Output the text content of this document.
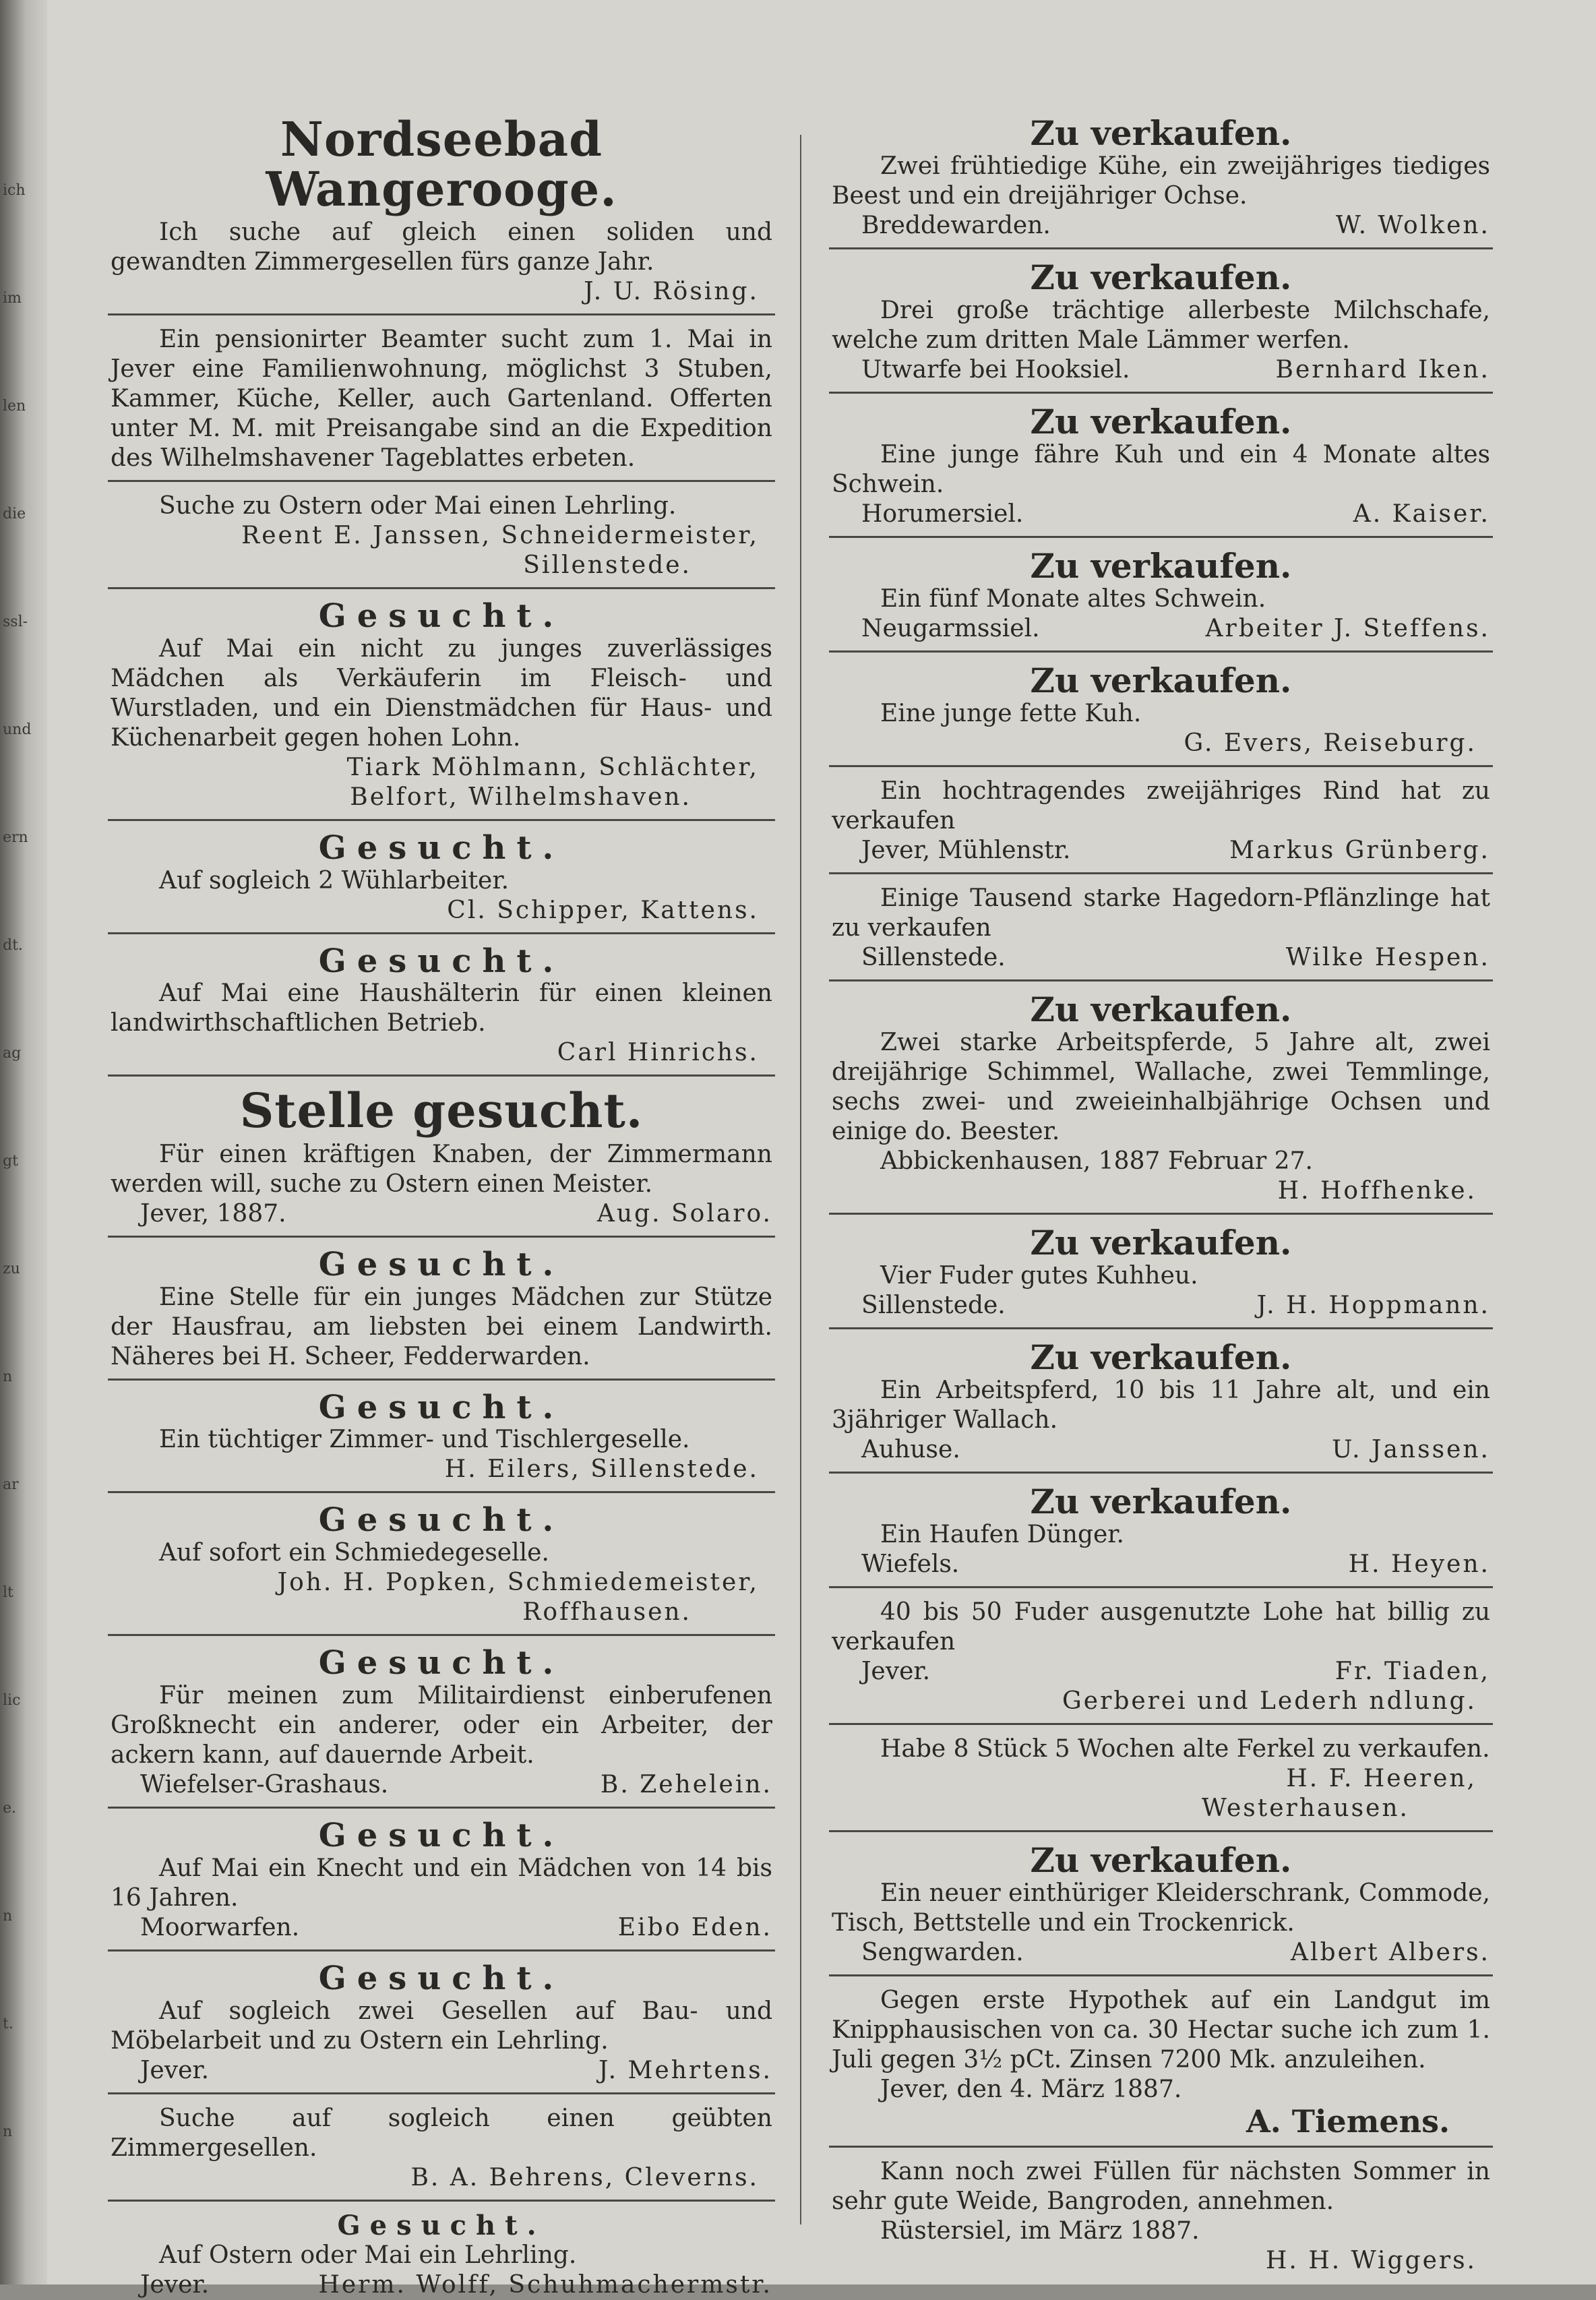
ich
im
len
die
ssl-
und
ern
dt.
ag
gt
zu
n
ar
lt
lic
e.
n
t.
n
Nordseebad Wangerooge.

Ich suche auf gleich einen soliden und gewandten Zimmergesellen fürs ganze Jahr.

J. U. Rösing.

Ein pensionirter Beamter sucht zum 1. Mai in Jever eine Familienwohnung, möglichst 3 Stuben, Kammer, Küche, Keller, auch Gartenland. Offerten unter M. M. mit Preisangabe sind an die Expedition des Wilhelmshavener Tageblattes erbeten.

Suche zu Ostern oder Mai einen Lehrling.

Reent E. Janssen, Schneidermeister,
Sillenstede.
Gesucht.

Auf Mai ein nicht zu junges zuverlässiges Mädchen als Verkäuferin im Fleisch- und Wurstladen, und ein Dienstmädchen für Haus- und Küchenarbeit gegen hohen Lohn.

Tiark Möhlmann, Schlächter,
Belfort, Wilhelmshaven.
Gesucht.

Auf sogleich 2 Wühlarbeiter.

Cl. Schipper, Kattens.
Gesucht.

Auf Mai eine Haushälterin für einen kleinen landwirthschaftlichen Betrieb.

Carl Hinrichs.
Stelle gesucht.

Für einen kräftigen Knaben, der Zimmermann werden will, suche zu Ostern einen Meister.

Jever, 1887.	Aug. Solaro.
Gesucht.

Eine Stelle für ein junges Mädchen zur Stütze der Hausfrau, am liebsten bei einem Landwirth. Näheres bei H. Scheer, Fedderwarden.

Gesucht.

Ein tüchtiger Zimmer- und Tischlergeselle.

H. Eilers, Sillenstede.
Gesucht.

Auf sofort ein Schmiedegeselle.

Joh. H. Popken, Schmiedemeister,
Roffhausen.
Gesucht.

Für meinen zum Militairdienst einberufenen Großknecht ein anderer, oder ein Arbeiter, der ackern kann, auf dauernde Arbeit.

Wiefelser-Grashaus.	B. Zehelein.
Gesucht.

Auf Mai ein Knecht und ein Mädchen von 14 bis 16 Jahren.

Moorwarfen.	Eibo Eden.
Gesucht.

Auf sogleich zwei Gesellen auf Bau- und Möbelarbeit und zu Ostern ein Lehrling.

Jever.	J. Mehrtens.

Suche auf sogleich einen geübten Zimmergesellen.

B. A. Behrens, Cleverns.
Gesucht.

Auf Ostern oder Mai ein Lehrling.

Jever.	Herm. Wolff, Schuhmachermstr.
Zu verkaufen.

Zwei frühtiedige Kühe, ein zweijähriges tiediges Beest und ein dreijähriger Ochse.

Breddewarden.	W. Wolken.
Zu verkaufen.

Drei große trächtige allerbeste Milchschafe, welche zum dritten Male Lämmer werfen.

Utwarfe bei Hooksiel.	Bernhard Iken.
Zu verkaufen.

Eine junge fähre Kuh und ein 4 Monate altes Schwein.

Horumersiel.	A. Kaiser.
Zu verkaufen.

Ein fünf Monate altes Schwein.

Neugarmssiel.	Arbeiter J. Steffens.
Zu verkaufen.

Eine junge fette Kuh.

G. Evers, Reiseburg.

Ein hochtragendes zweijähriges Rind hat zu verkaufen

Jever, Mühlenstr.	Markus Grünberg.

Einige Tausend starke Hagedorn-Pflänzlinge hat zu verkaufen

Sillenstede.	Wilke Hespen.
Zu verkaufen.

Zwei starke Arbeitspferde, 5 Jahre alt, zwei dreijährige Schimmel, Wallache, zwei Temmlinge, sechs zwei- und zweieinhalbjährige Ochsen und einige do. Beester.

Abbickenhausen, 1887 Februar 27.

H. Hoffhenke.
Zu verkaufen.

Vier Fuder gutes Kuhheu.

Sillenstede.	J. H. Hoppmann.
Zu verkaufen.

Ein Arbeitspferd, 10 bis 11 Jahre alt, und ein 3jähriger Wallach.

Auhuse.	U. Janssen.
Zu verkaufen.

Ein Haufen Dünger.

Wiefels.	H. Heyen.

40 bis 50 Fuder ausgenutzte Lohe hat billig zu verkaufen

Jever.	Fr. Tiaden,
Gerberei und Lederh ndlung.

Habe 8 Stück 5 Wochen alte Ferkel zu verkaufen.

H. F. Heeren,
Westerhausen.
Zu verkaufen.

Ein neuer einthüriger Kleiderschrank, Commode, Tisch, Bettstelle und ein Trockenrick.

Sengwarden.	Albert Albers.

Gegen erste Hypothek auf ein Landgut im Knipphausischen von ca. 30 Hectar suche ich zum 1. Juli gegen 3½ pCt. Zinsen 7200 Mk. anzuleihen.

Jever, den 4. März 1887.

A. Tiemens.

Kann noch zwei Füllen für nächsten Sommer in sehr gute Weide, Bangroden, annehmen.

Rüstersiel, im März 1887.

H. H. Wiggers.
